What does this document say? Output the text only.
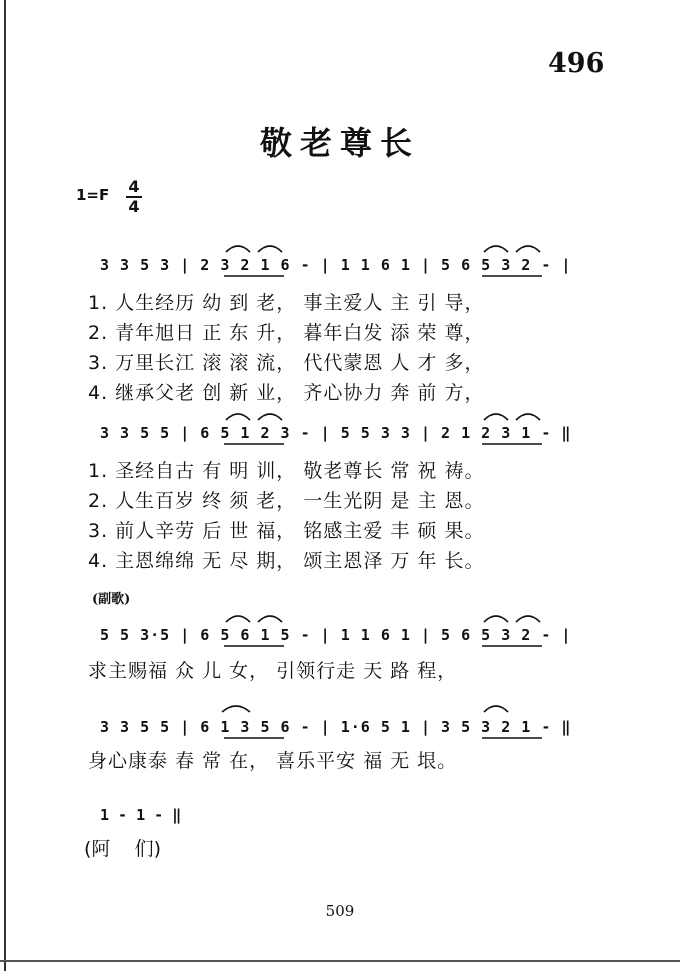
496
敬老尊长
1=F 4
4
3 3 5 3 | 2 3 2 1 6 - | 1 1 6 1 | 5 6 5 3 2 - |
1. 人生经历 幼 到 老， 事主爱人 主 引 导，
2. 青年旭日 正 东 升， 暮年白发 添 荣 尊，
3. 万里长江 滚 滚 流， 代代蒙恩 人 才 多，
4. 继承父老 创 新 业， 齐心协力 奔 前 方，
3 3 5 5 | 6 5 1 2 3 - | 5 5 3 3 | 2 1 2 3 1 - ‖
1. 圣经自古 有 明 训， 敬老尊长 常 祝 祷。
2. 人生百岁 终 须 老， 一生光阴 是 主 恩。
3. 前人辛劳 后 世 福， 铭感主爱 丰 硕 果。
4. 主恩绵绵 无 尽 期， 颂主恩泽 万 年 长。
(副歌)
5 5 3·5 | 6 5 6 1 5 - | 1 1 6 1 | 5 6 5 3 2 - |
求主赐福 众 儿 女， 引领行走 天 路 程，
3 3 5 5 | 6 1 3 5 6 - | 1·6 5 1 | 3 5 3 2 1 - ‖
身心康泰 春 常 在， 喜乐平安 福 无 垠。
1 - 1 - ‖
(阿    们)
509
